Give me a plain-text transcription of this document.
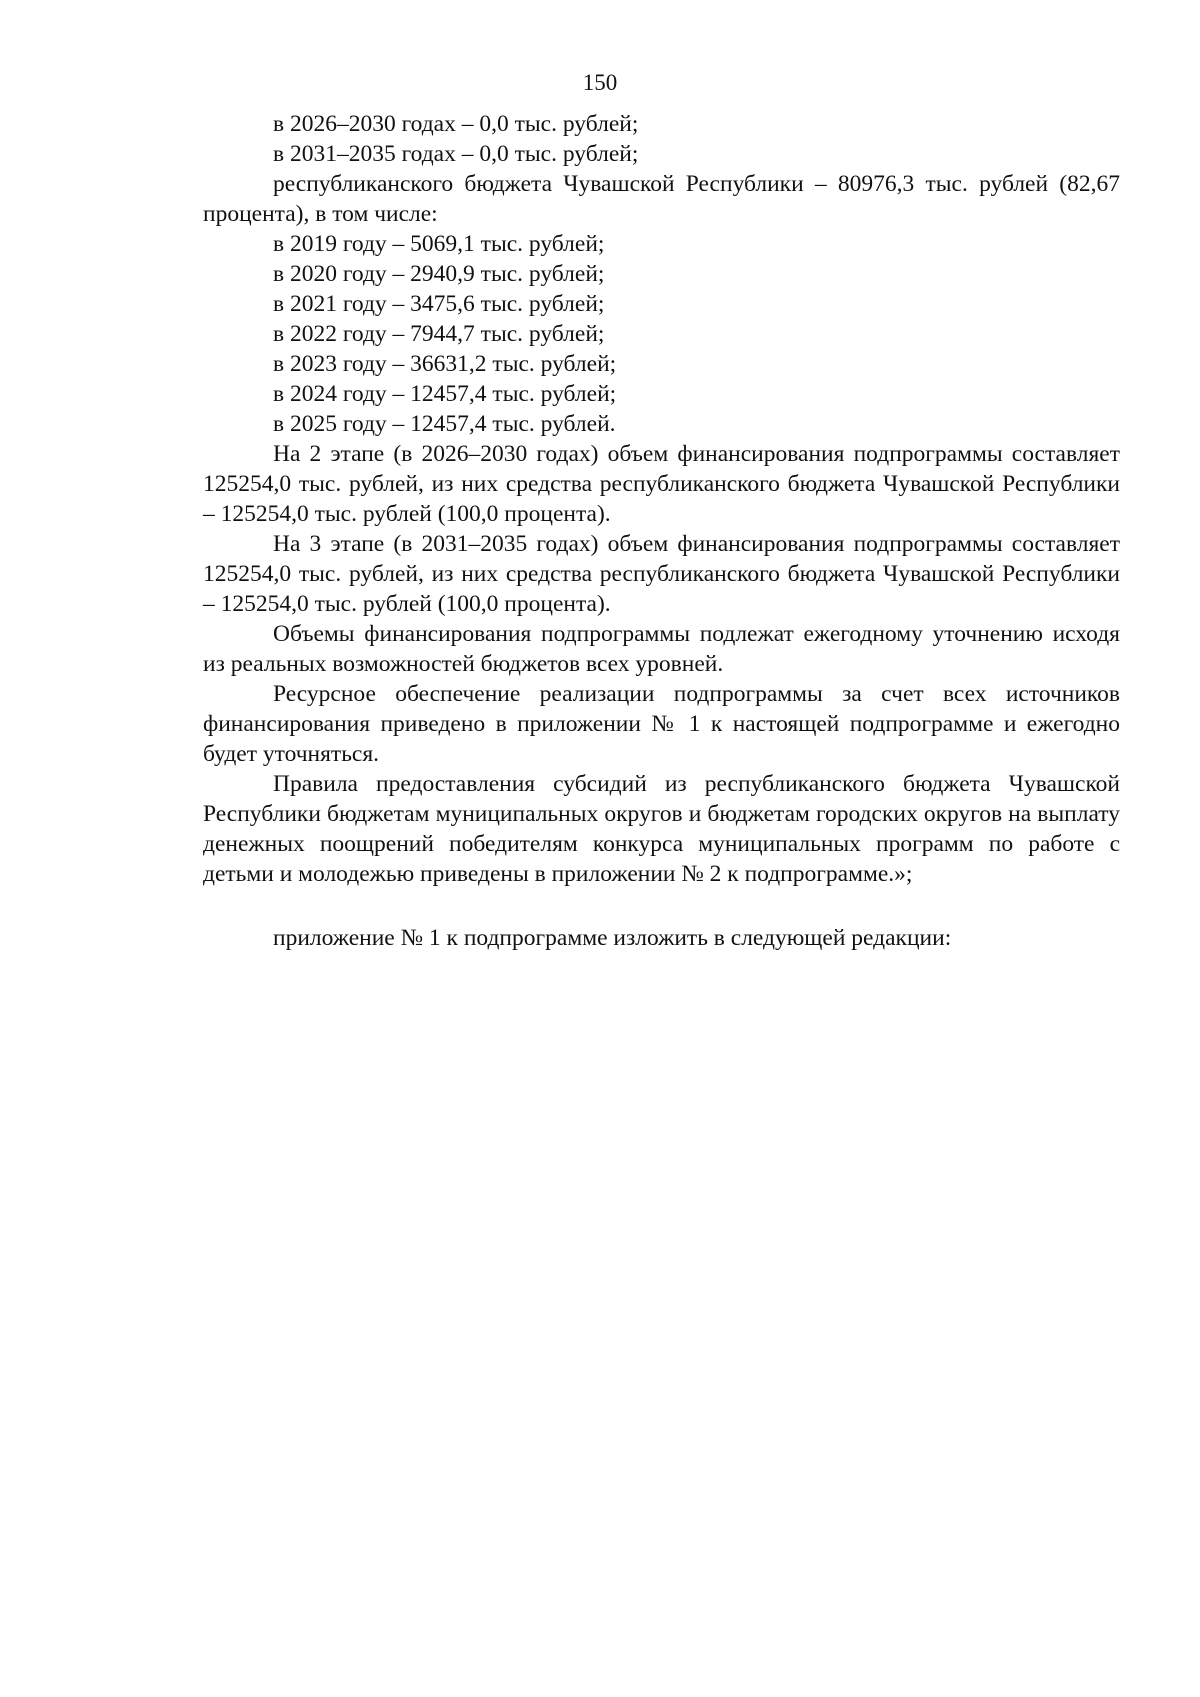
150
в 2026–2030 годах – 0,0 тыс. рублей;
в 2031–2035 годах – 0,0 тыс. рублей;

республиканского бюджета Чувашской Республики – 80976,3 тыс. рублей (82,67 процента), в том числе:

в 2019 году – 5069,1 тыс. рублей;
в 2020 году – 2940,9 тыс. рублей;
в 2021 году – 3475,6 тыс. рублей;
в 2022 году – 7944,7 тыс. рублей;
в 2023 году – 36631,2 тыс. рублей;
в 2024 году – 12457,4 тыс. рублей;
в 2025 году – 12457,4 тыс. рублей.

На 2 этапе (в 2026–2030 годах) объем финансирования подпрограммы составляет 125254,0 тыс. рублей, из них средства республиканского бюджета Чувашской Республики – 125254,0 тыс. рублей (100,0 процента).

На 3 этапе (в 2031–2035 годах) объем финансирования подпрограммы составляет 125254,0 тыс. рублей, из них средства республиканского бюджета Чувашской Республики – 125254,0 тыс. рублей (100,0 процента).

Объемы финансирования подпрограммы подлежат ежегодному уточнению исходя из реальных возможностей бюджетов всех уровней.

Ресурсное обеспечение реализации подпрограммы за счет всех источников финансирования приведено в приложении № 1 к настоящей подпрограмме и ежегодно будет уточняться.

Правила предоставления субсидий из республиканского бюджета Чувашской Республики бюджетам муниципальных округов и бюджетам городских округов на выплату денежных поощрений победителям конкурса муниципальных программ по работе с детьми и молодежью приведены в приложении № 2 к подпрограмме.»;

приложение № 1 к подпрограмме изложить в следующей редакции:
